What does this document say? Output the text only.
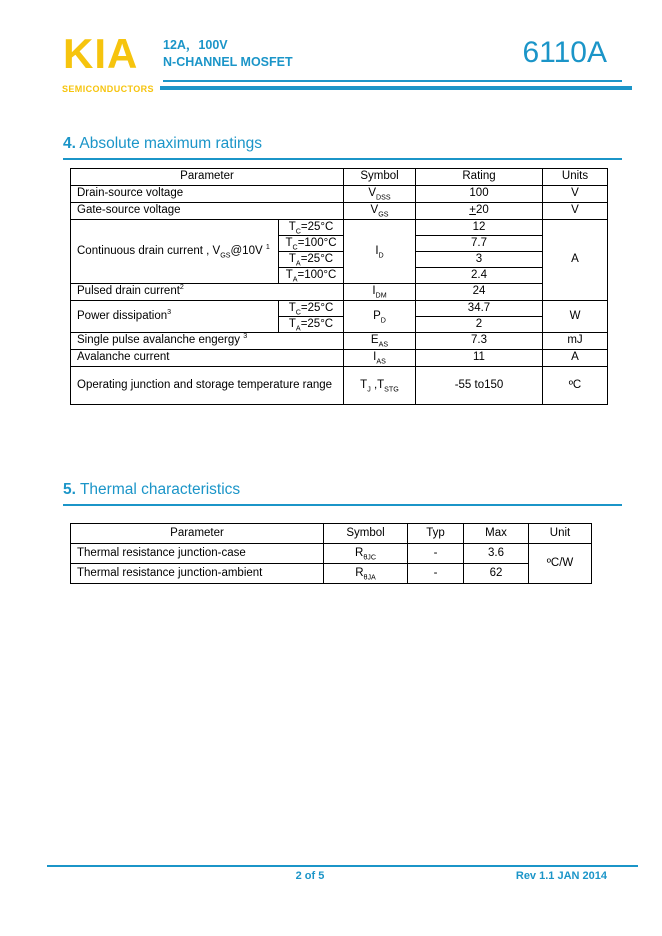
KIA
SEMICONDUCTORS
12A，100V
N-CHANNEL MOSFET	6110A
4. Absolute maximum ratings
Parameter		Symbol	Rating	Units
Drain-source voltage		$V_{DSS}$	100	V
Gate-source voltage		$V_{GS}$	+20	V
Continuous drain current , $V_{GS}@10V$ $^1$	$T_C=25^\circ C$	$I_D$	12	A
	$T_C=100^\circ C$		7.7	
	$T_A=25^\circ C$		3	
	$T_A=100^\circ C$		2.4	
Pulsed drain current$^2$		$I_{DM}$	24	
Power dissipation$^3$	$T_C=25^\circ C$	$P_D$	34.7	W
	$T_A=25^\circ C$		2	
Single pulse avalanche engergy $^3$		$E_{AS}$	7.3	mJ
Avalanche current		$I_{AS}$	11	A
Operating junction and storage temperature range		$T_J$ $,T_{STG}$	-55 to150	ºC
5. Thermal characteristics
Parameter	Symbol	Typ	Max	Unit
Thermal resistance junction-case	$R_{\theta JC}$	-	3.6	ºC/W
Thermal resistance junction-ambient	$R_{\theta JA}$	-	62	
2 of 5	Rev 1.1 JAN 2014
